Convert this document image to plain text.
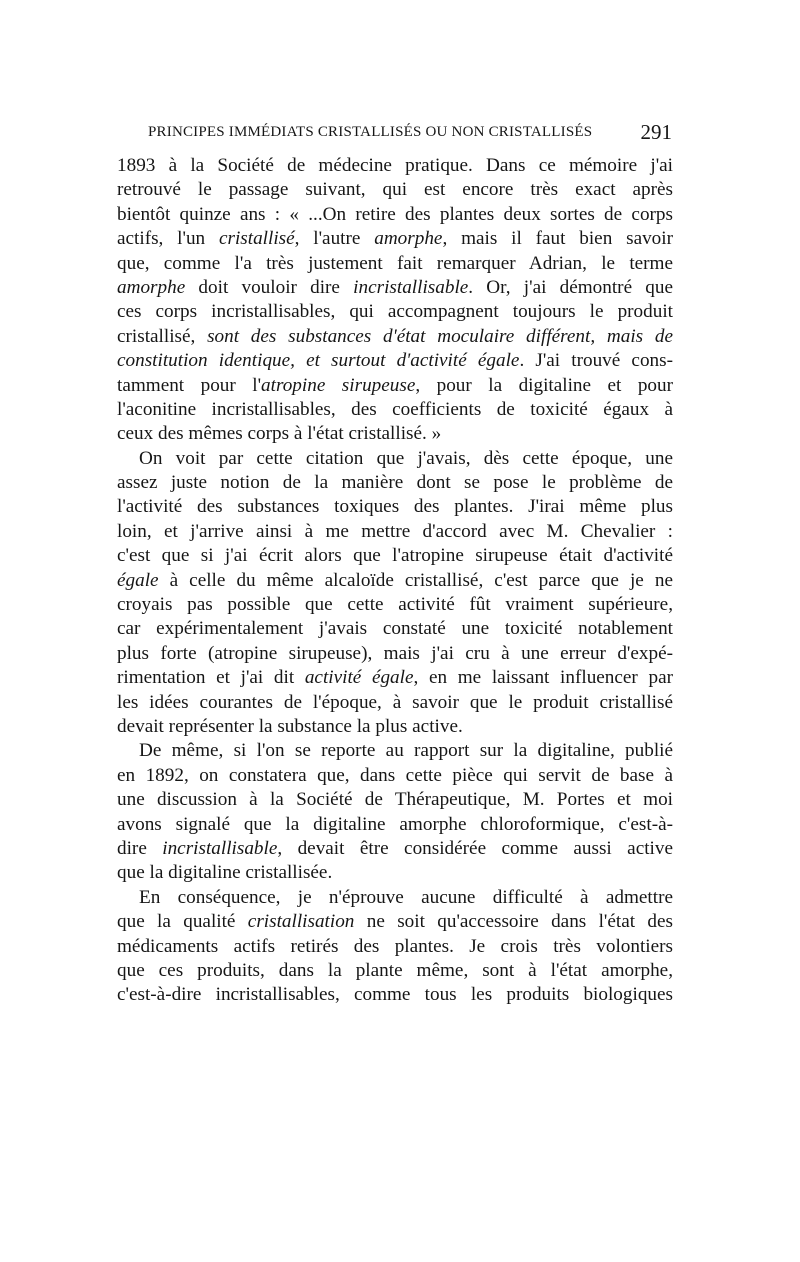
PRINCIPES IMMÉDIATS CRISTALLISÉS OU NON CRISTALLISÉS 291
1893 à la Société de médecine pratique. Dans ce mémoire j'ai
retrouvé le passage suivant, qui est encore très exact après
bientôt quinze ans : « ...On retire des plantes deux sortes de corps
actifs, l'un cristallisé, l'autre amorphe, mais il faut bien savoir
que, comme l'a très justement fait remarquer Adrian, le terme
amorphe doit vouloir dire incristallisable. Or, j'ai démontré que
ces corps incristallisables, qui accompagnent toujours le produit
cristallisé, sont des substances d'état moculaire différent, mais de
constitution identique, et surtout d'activité égale. J'ai trouvé cons-
tamment pour l'atropine sirupeuse, pour la digitaline et pour
l'aconitine incristallisables, des coefficients de toxicité égaux à
ceux des mêmes corps à l'état cristallisé. »
On voit par cette citation que j'avais, dès cette époque, une
assez juste notion de la manière dont se pose le problème de
l'activité des substances toxiques des plantes. J'irai même plus
loin, et j'arrive ainsi à me mettre d'accord avec M. Chevalier :
c'est que si j'ai écrit alors que l'atropine sirupeuse était d'activité
égale à celle du même alcaloïde cristallisé, c'est parce que je ne
croyais pas possible que cette activité fût vraiment supérieure,
car expérimentalement j'avais constaté une toxicité notablement
plus forte (atropine sirupeuse), mais j'ai cru à une erreur d'expé-
rimentation et j'ai dit activité égale, en me laissant influencer par
les idées courantes de l'époque, à savoir que le produit cristallisé
devait représenter la substance la plus active.
De même, si l'on se reporte au rapport sur la digitaline, publié
en 1892, on constatera que, dans cette pièce qui servit de base à
une discussion à la Société de Thérapeutique, M. Portes et moi
avons signalé que la digitaline amorphe chloroformique, c'est-à-
dire incristallisable, devait être considérée comme aussi active
que la digitaline cristallisée.
En conséquence, je n'éprouve aucune difficulté à admettre
que la qualité cristallisation ne soit qu'accessoire dans l'état des
médicaments actifs retirés des plantes. Je crois très volontiers
que ces produits, dans la plante même, sont à l'état amorphe,
c'est-à-dire incristallisables, comme tous les produits biologiques
